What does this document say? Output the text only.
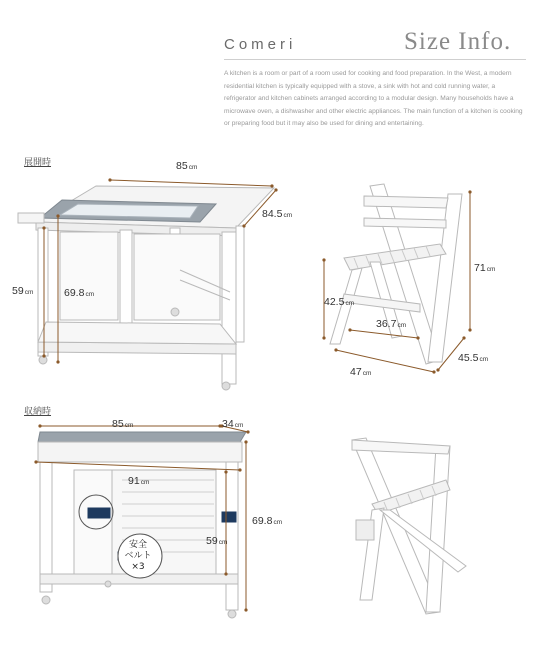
Comeri	Size Info.
A kitchen is a room or part of a room used for cooking and food preparation. In the West, a modern residential kitchen is typically equipped with a stove, a sink with hot and cold running water, a refrigerator and kitchen cabinets arranged according to a modular design. Many households have a microwave oven, a dishwasher and other electric appliances. The main function of a kitchen is cooking or preparing food but it may also be used for dining and entertaining.
展開時
収納時
85cm
84.5cm
59cm	69.8cm
71cm
42.5cm
36.7cm
47cm
45.5cm
85cm	34cm
91cm
69.8cm
59cm
安全
ベルト
×3
